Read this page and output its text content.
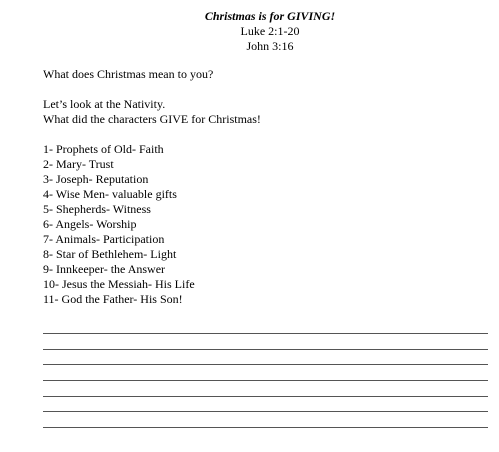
Christmas is for GIVING!
Luke 2:1-20
John 3:16
What does Christmas mean to you?
Let’s look at the Nativity.
What did the characters GIVE for Christmas!
1- Prophets of Old- Faith
2- Mary- Trust
3- Joseph- Reputation
4- Wise Men- valuable gifts
5- Shepherds- Witness
6- Angels- Worship
7- Animals- Participation
8- Star of Bethlehem- Light
9- Innkeeper- the Answer
10- Jesus the Messiah- His Life
11- God the Father- His Son!
